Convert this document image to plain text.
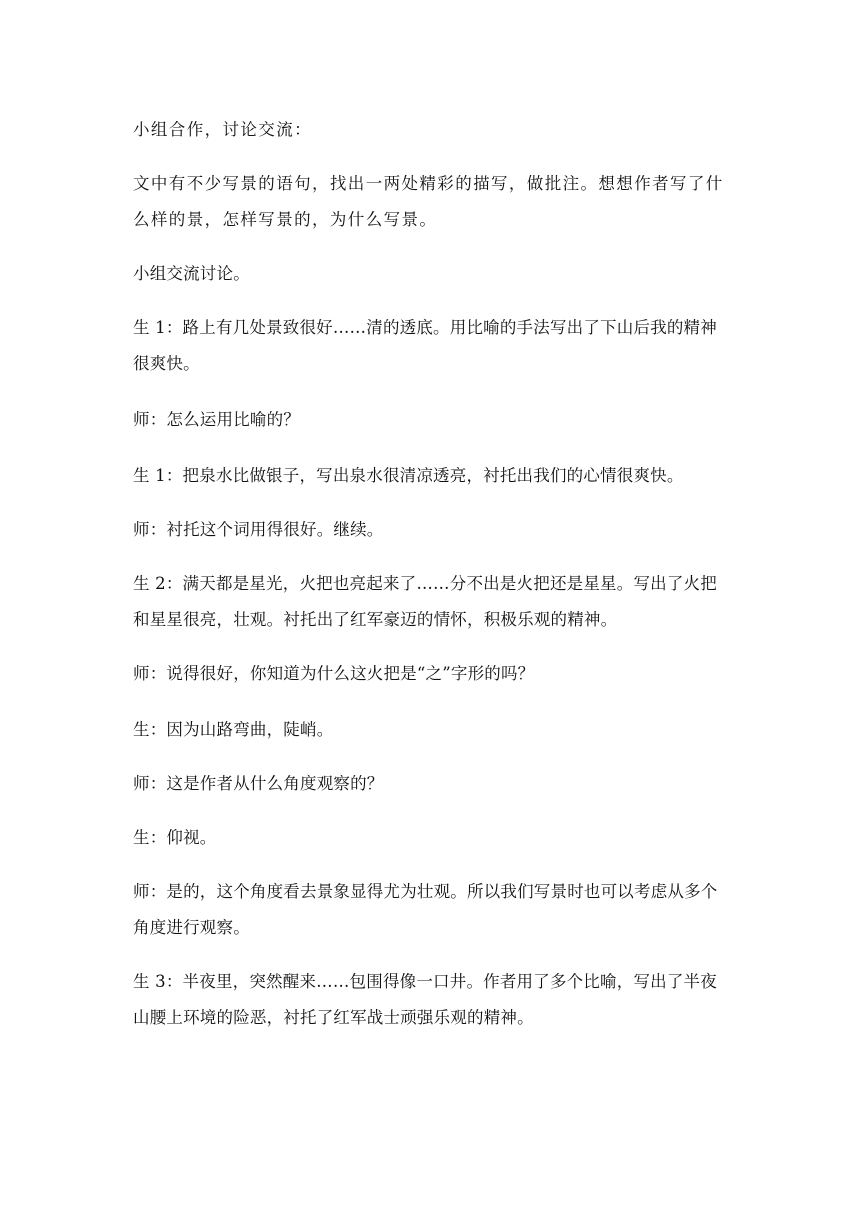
小组合作，讨论交流：

文中有不少写景的语句，找出一两处精彩的描写，做批注。想想作者写了什么样的景，怎样写景的，为什么写景。

小组交流讨论。

生 1：路上有几处景致很好……清的透底。用比喻的手法写出了下山后我的精神很爽快。

师：怎么运用比喻的？

生 1：把泉水比做银子，写出泉水很清凉透亮，衬托出我们的心情很爽快。

师：衬托这个词用得很好。继续。

生 2：满天都是星光，火把也亮起来了……分不出是火把还是星星。写出了火把和星星很亮，壮观。衬托出了红军豪迈的情怀，积极乐观的精神。

师：说得很好，你知道为什么这火把是“之”字形的吗？

生：因为山路弯曲，陡峭。

师：这是作者从什么角度观察的？

生：仰视。

师：是的，这个角度看去景象显得尤为壮观。所以我们写景时也可以考虑从多个角度进行观察。

生 3：半夜里，突然醒来……包围得像一口井。作者用了多个比喻，写出了半夜山腰上环境的险恶，衬托了红军战士顽强乐观的精神。
